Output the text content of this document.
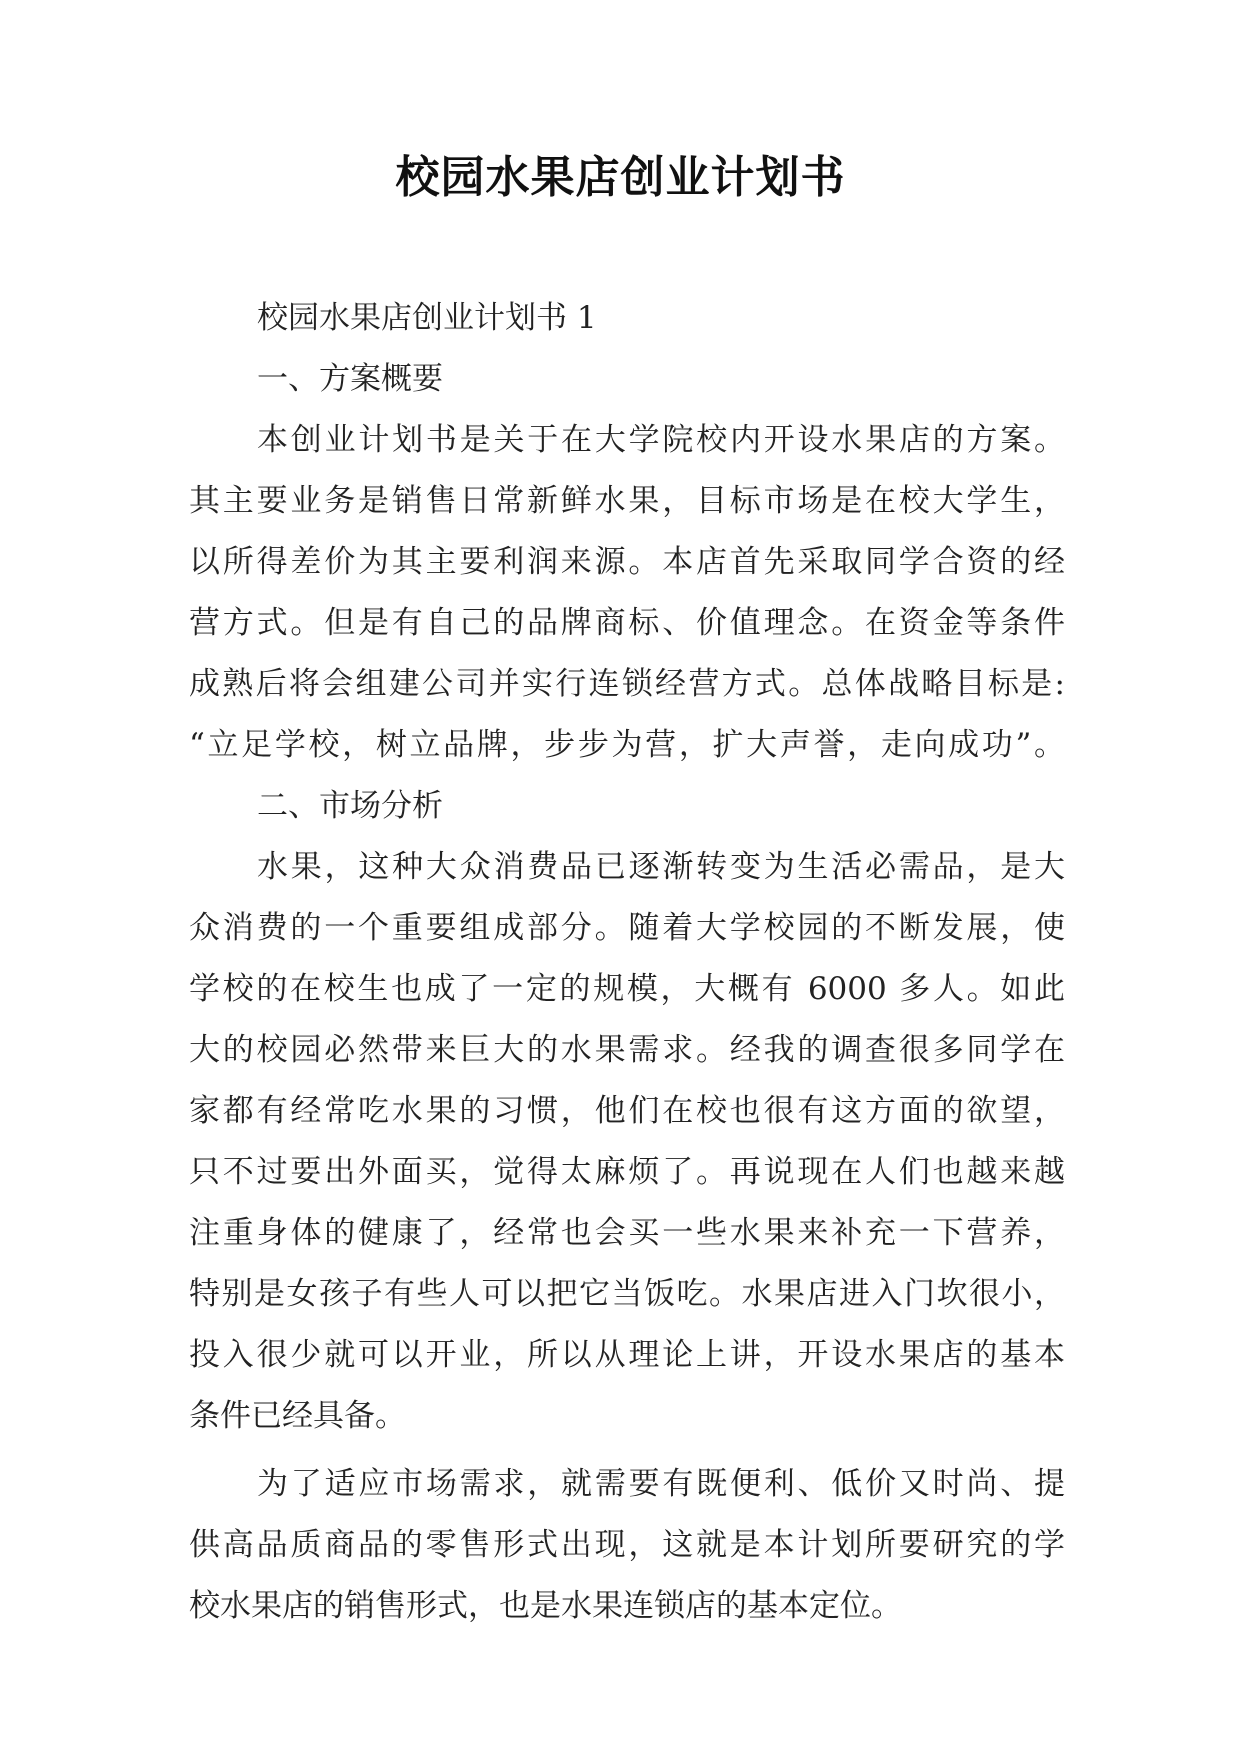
校园水果店创业计划书
校园水果店创业计划书 1
一、方案概要
本创业计划书是关于在大学院校内开设水果店的方案。
其主要业务是销售日常新鲜水果，目标市场是在校大学生，
以所得差价为其主要利润来源。本店首先采取同学合资的经
营方式。但是有自己的品牌商标、价值理念。在资金等条件
成熟后将会组建公司并实行连锁经营方式。总体战略目标是:
“立足学校，树立品牌，步步为营，扩大声誉，走向成功”。
二、市场分析
水果，这种大众消费品已逐渐转变为生活必需品，是大
众消费的一个重要组成部分。随着大学校园的不断发展，使
学校的在校生也成了一定的规模，大概有 6000 多人。如此
大的校园必然带来巨大的水果需求。经我的调查很多同学在
家都有经常吃水果的习惯，他们在校也很有这方面的欲望，
只不过要出外面买，觉得太麻烦了。再说现在人们也越来越
注重身体的健康了，经常也会买一些水果来补充一下营养，
特别是女孩子有些人可以把它当饭吃。水果店进入门坎很小，
投入很少就可以开业，所以从理论上讲，开设水果店的基本
条件已经具备。
为了适应市场需求，就需要有既便利、低价又时尚、提
供高品质商品的零售形式出现，这就是本计划所要研究的学
校水果店的销售形式，也是水果连锁店的基本定位。
